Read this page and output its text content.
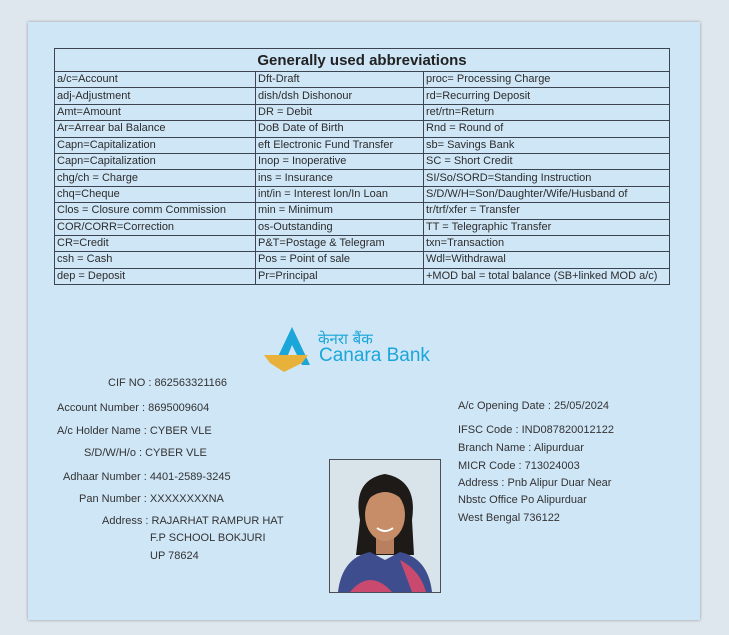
Generally used abbreviations		
a/c=Account	Dft-Draft	proc= Processing Charge
adj-Adjustment	dish/dsh Dishonour	rd=Recurring Deposit
Amt=Amount	DR = Debit	ret/rtn=Return
Ar=Arrear bal Balance	DoB Date of Birth	Rnd = Round of
Capn=Capitalization	eft Electronic Fund Transfer	sb= Savings Bank
Capn=Capitalization	Inop = Inoperative	SC = Short Credit
chg/ch = Charge	ins = Insurance	SI/So/SORD=Standing Instruction
chq=Cheque	int/in = Interest lon/In Loan	S/D/W/H=Son/Daughter/Wife/Husband of
Clos = Closure comm Commission	min = Minimum	tr/trf/xfer = Transfer
COR/CORR=Correction	os-Outstanding	TT = Telegraphic Transfer
CR=Credit	P&T=Postage & Telegram	txn=Transaction
csh = Cash	Pos = Point of sale	Wdl=Withdrawal
dep = Deposit	Pr=Principal	+MOD bal = total balance (SB+linked MOD a/c)
केनरा बैंक
Canara Bank
CIF NO : 862563321166
Account Number : 8695009604
A/c Holder Name : CYBER VLE
S/D/W/H/o : CYBER VLE
Adhaar Number : 4401-2589-3245
Pan Number : XXXXXXXXNA
Address : RAJARHAT RAMPUR HAT
F.P SCHOOL BOKJURI
UP 78624
A/c Opening Date : 25/05/2024
IFSC Code : IND087820012122
Branch Name : Alipurduar
MICR Code : 713024003
Address : Pnb Alipur Duar Near
Nbstc Office Po Alipurduar
West Bengal 736122
